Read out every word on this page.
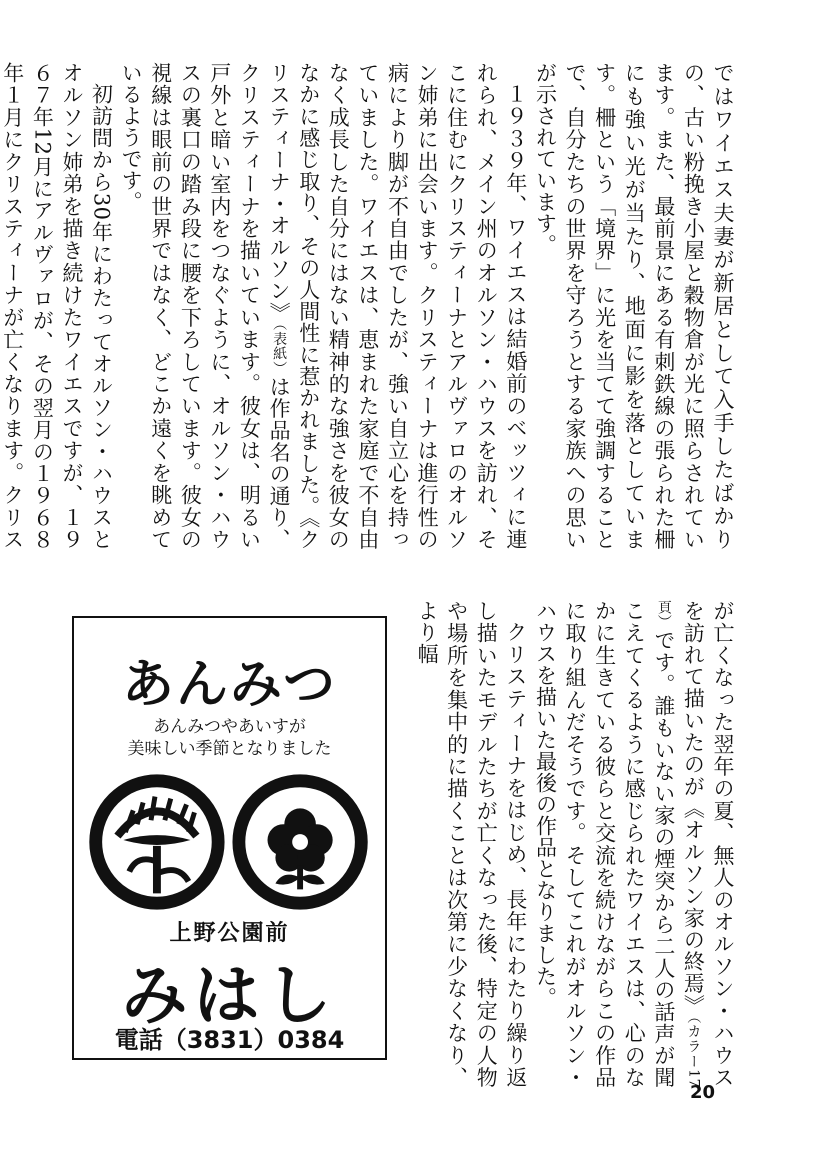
ではワイエス夫妻が新居として入手したばかりの、古い粉挽き小屋と穀物倉が光に照らされています。また、最前景にある有刺鉄線の張られた柵にも強い光が当たり、地面に影を落としています。柵という「境界」に光を当てて強調することで、自分たちの世界を守ろうとする家族への思いが示されています。

１９３９年、ワイエスは結婚前のベッツィに連れられ、メイン州のオルソン・ハウスを訪れ、そこに住むにクリスティーナとアルヴァロのオルソン姉弟に出会います。クリスティーナは進行性の病により脚が不自由でしたが、強い自立心を持っていました。ワイエスは、恵まれた家庭で不自由なく成長した自分にはない精神的な強さを彼女のなかに感じ取り、その人間性に惹かれました。《クリスティーナ・オルソン》（表紙）は作品名の通り、クリスティーナを描いています。彼女は、明るい戸外と暗い室内をつなぐように、オルソン・ハウスの裏口の踏み段に腰を下ろしています。彼女の視線は眼前の世界ではなく、どこか遠くを眺めているようです。

初訪問から30年にわたってオルソン・ハウスとオルソン姉弟を描き続けたワイエスですが、１９６７年12月にアルヴァロが、その翌月の１９６８年１月にクリスティーナが亡くなります。クリス

が亡くなった翌年の夏、無人のオルソン・ハウスを訪れて描いたのが《オルソン家の終焉》（カラー17頁）です。誰もいない家の煙突から二人の話声が聞こえてくるように感じられたワイエスは、心のなかに生きている彼らと交流を続けながらこの作品に取り組んだそうです。そしてこれがオルソン・ハウスを描いた最後の作品となりました。

クリスティーナをはじめ、長年にわたり繰り返し描いたモデルたちが亡くなった後、特定の人物や場所を集中的に描くことは次第に少なくなり、より幅

あんみつ
あんみつやあいすが
美味しい季節となりました
上野公園前
みはし
電話（3831）0384
20
